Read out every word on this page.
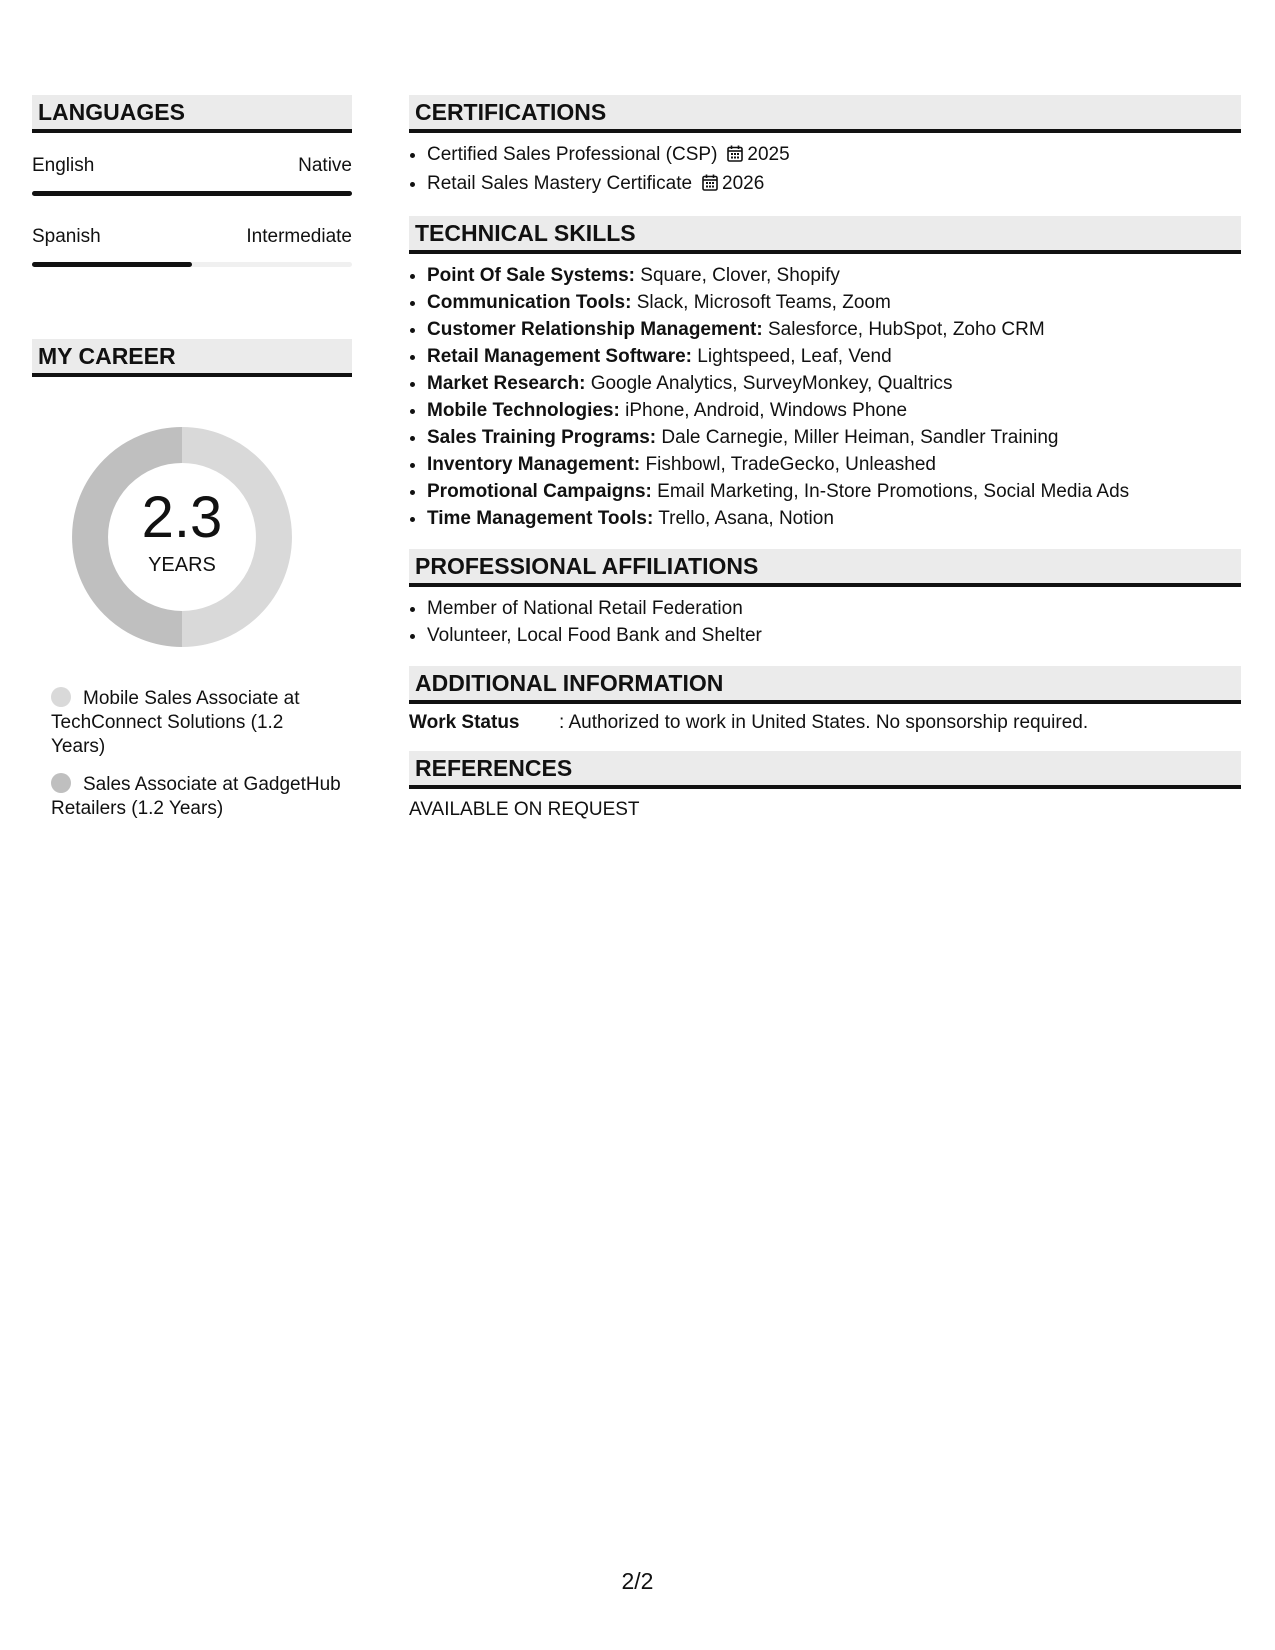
LANGUAGES
English	Native
Spanish	Intermediate
MY CAREER
2.3
YEARS
Mobile Sales Associate at TechConnect Solutions (1.2 Years)
Sales Associate at GadgetHub Retailers (1.2 Years)
CERTIFICATIONS
• Certified Sales Professional (CSP) 2025
• Retail Sales Mastery Certificate 2026
TECHNICAL SKILLS
• Point Of Sale Systems: Square, Clover, Shopify
• Communication Tools: Slack, Microsoft Teams, Zoom
• Customer Relationship Management: Salesforce, HubSpot, Zoho CRM
• Retail Management Software: Lightspeed, Leaf, Vend
• Market Research: Google Analytics, SurveyMonkey, Qualtrics
• Mobile Technologies: iPhone, Android, Windows Phone
• Sales Training Programs: Dale Carnegie, Miller Heiman, Sandler Training
• Inventory Management: Fishbowl, TradeGecko, Unleashed
• Promotional Campaigns: Email Marketing, In-Store Promotions, Social Media Ads
• Time Management Tools: Trello, Asana, Notion
PROFESSIONAL AFFILIATIONS
• Member of National Retail Federation
• Volunteer, Local Food Bank and Shelter
ADDITIONAL INFORMATION
Work Status	: Authorized to work in United States. No sponsorship required.
REFERENCES
AVAILABLE ON REQUEST
2/2
